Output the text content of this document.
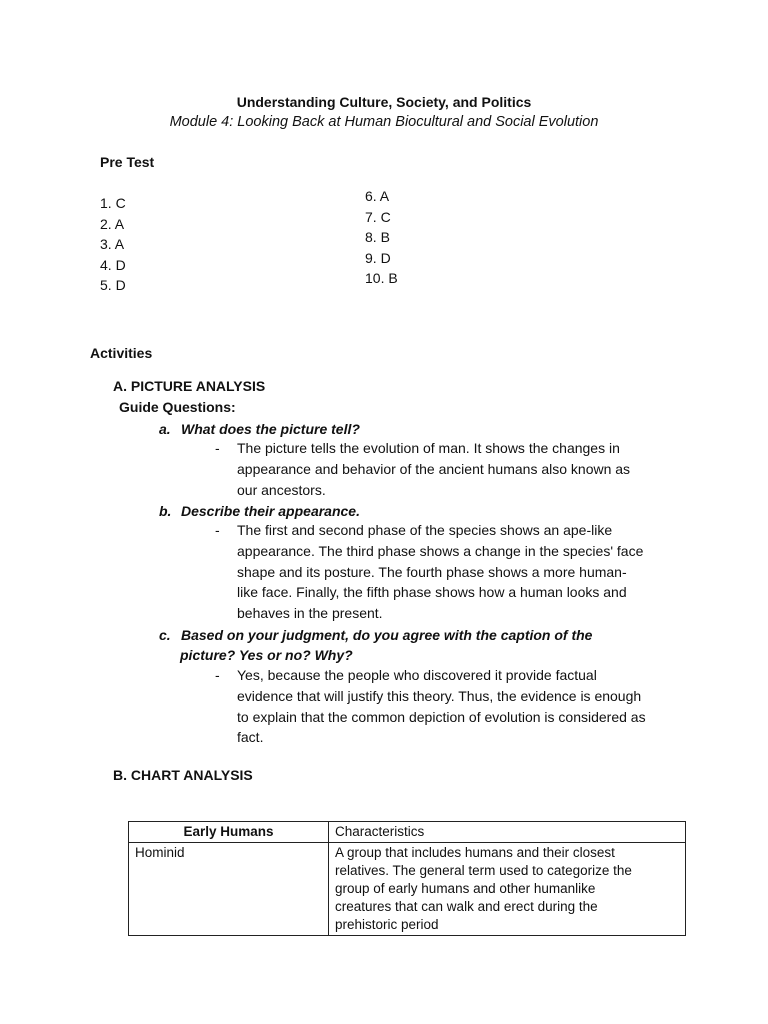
Understanding Culture, Society, and Politics
Module 4: Looking Back at Human Biocultural and Social Evolution
Pre Test
1. C
2. A
3. A
4. D
5. D
6. A
7. C
8. B
9. D
10. B
Activities
A. PICTURE ANALYSIS
Guide Questions:
a. What does the picture tell?
- The picture tells the evolution of man. It shows the changes in
appearance and behavior of the ancient humans also known as
our ancestors.
b. Describe their appearance.
- The first and second phase of the species shows an ape-like
appearance. The third phase shows a change in the species' face
shape and its posture. The fourth phase shows a more human-
like face. Finally, the fifth phase shows how a human looks and
behaves in the present.
c. Based on your judgment, do you agree with the caption of the
picture? Yes or no? Why?
- Yes, because the people who discovered it provide factual
evidence that will justify this theory. Thus, the evidence is enough
to explain that the common depiction of evolution is considered as
fact.
B. CHART ANALYSIS
Early Humans	Characteristics
Hominid	A group that includes humans and their closest
relatives. The general term used to categorize the
group of early humans and other humanlike
creatures that can walk and erect during the
prehistoric period
